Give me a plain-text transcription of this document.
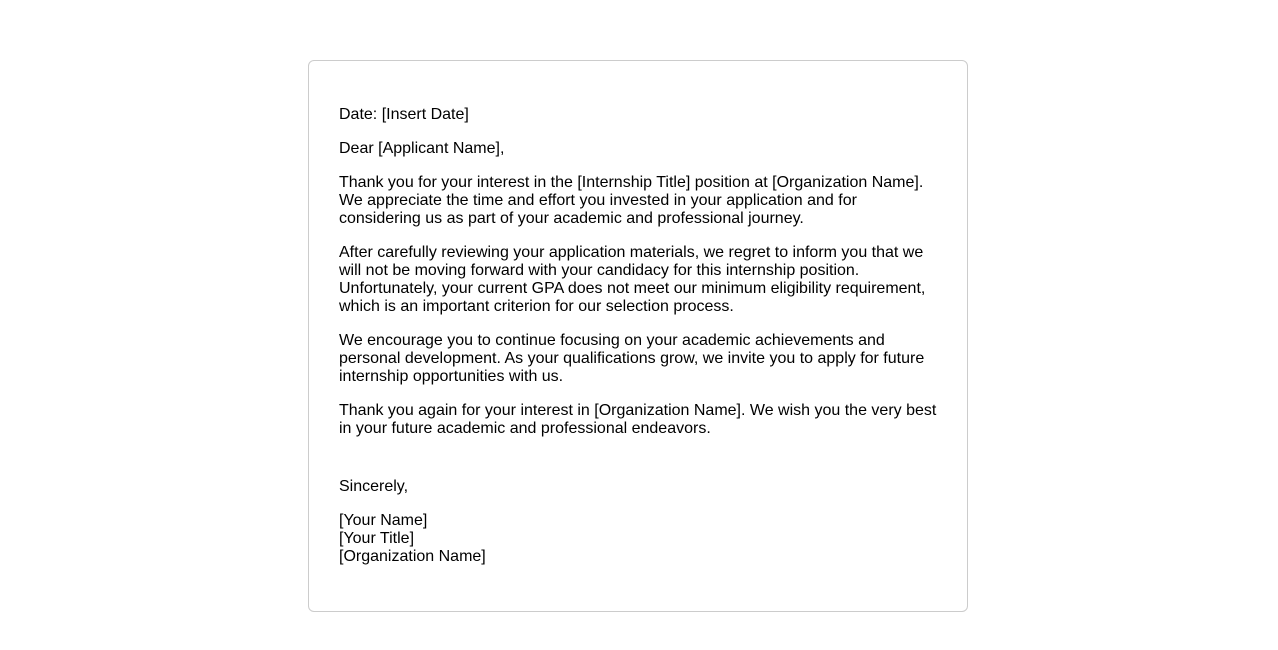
Date: [Insert Date]

Dear [Applicant Name],

Thank you for your interest in the [Internship Title] position at [Organization Name]. We appreciate the time and effort you invested in your application and for considering us as part of your academic and professional journey.

After carefully reviewing your application materials, we regret to inform you that we will not be moving forward with your candidacy for this internship position. Unfortunately, your current GPA does not meet our minimum eligibility requirement, which is an important criterion for our selection process.

We encourage you to continue focusing on your academic achievements and personal development. As your qualifications grow, we invite you to apply for future internship opportunities with us.

Thank you again for your interest in [Organization Name]. We wish you the very best in your future academic and professional endeavors.

Sincerely,

[Your Name]
[Your Title]
[Organization Name]
